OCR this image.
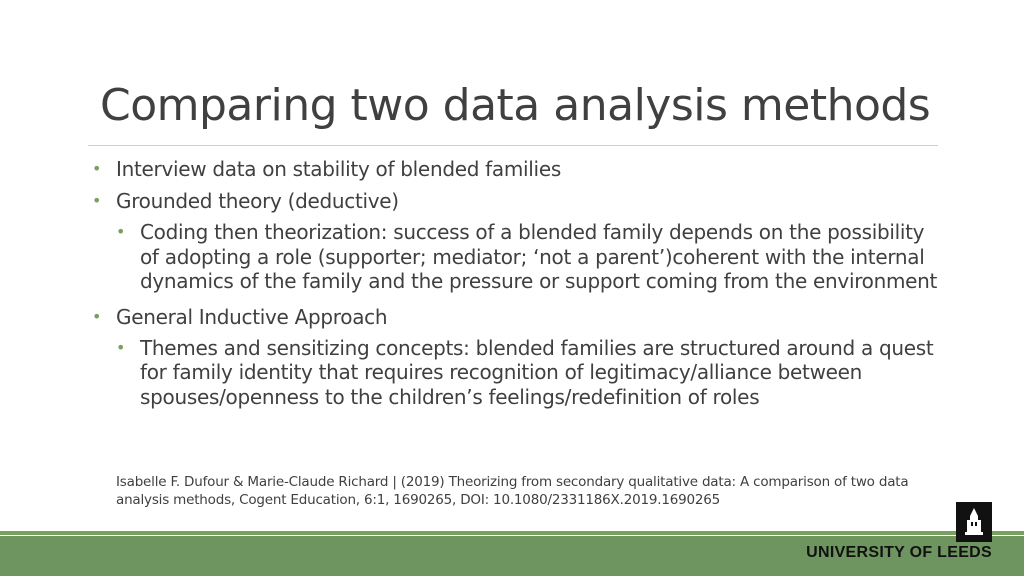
Comparing two data analysis methods
• Interview data on stability of blended families
• Grounded theory (deductive)
• Coding then theorization: success of a blended family depends on the possibility of adopting a role (supporter; mediator; ‘not a parent’)coherent with the internal dynamics of the family and the pressure or support coming from the environment
• General Inductive Approach
• Themes and sensitizing concepts: blended families are structured around a quest for family identity that requires recognition of legitimacy/alliance between spouses/openness to the children’s feelings/redefinition of roles
Isabelle F. Dufour & Marie-Claude Richard | (2019) Theorizing from secondary qualitative data: A comparison of two data analysis methods, Cogent Education, 6:1, 1690265, DOI: 10.1080/2331186X.2019.1690265
UNIVERSITY OF LEEDS
